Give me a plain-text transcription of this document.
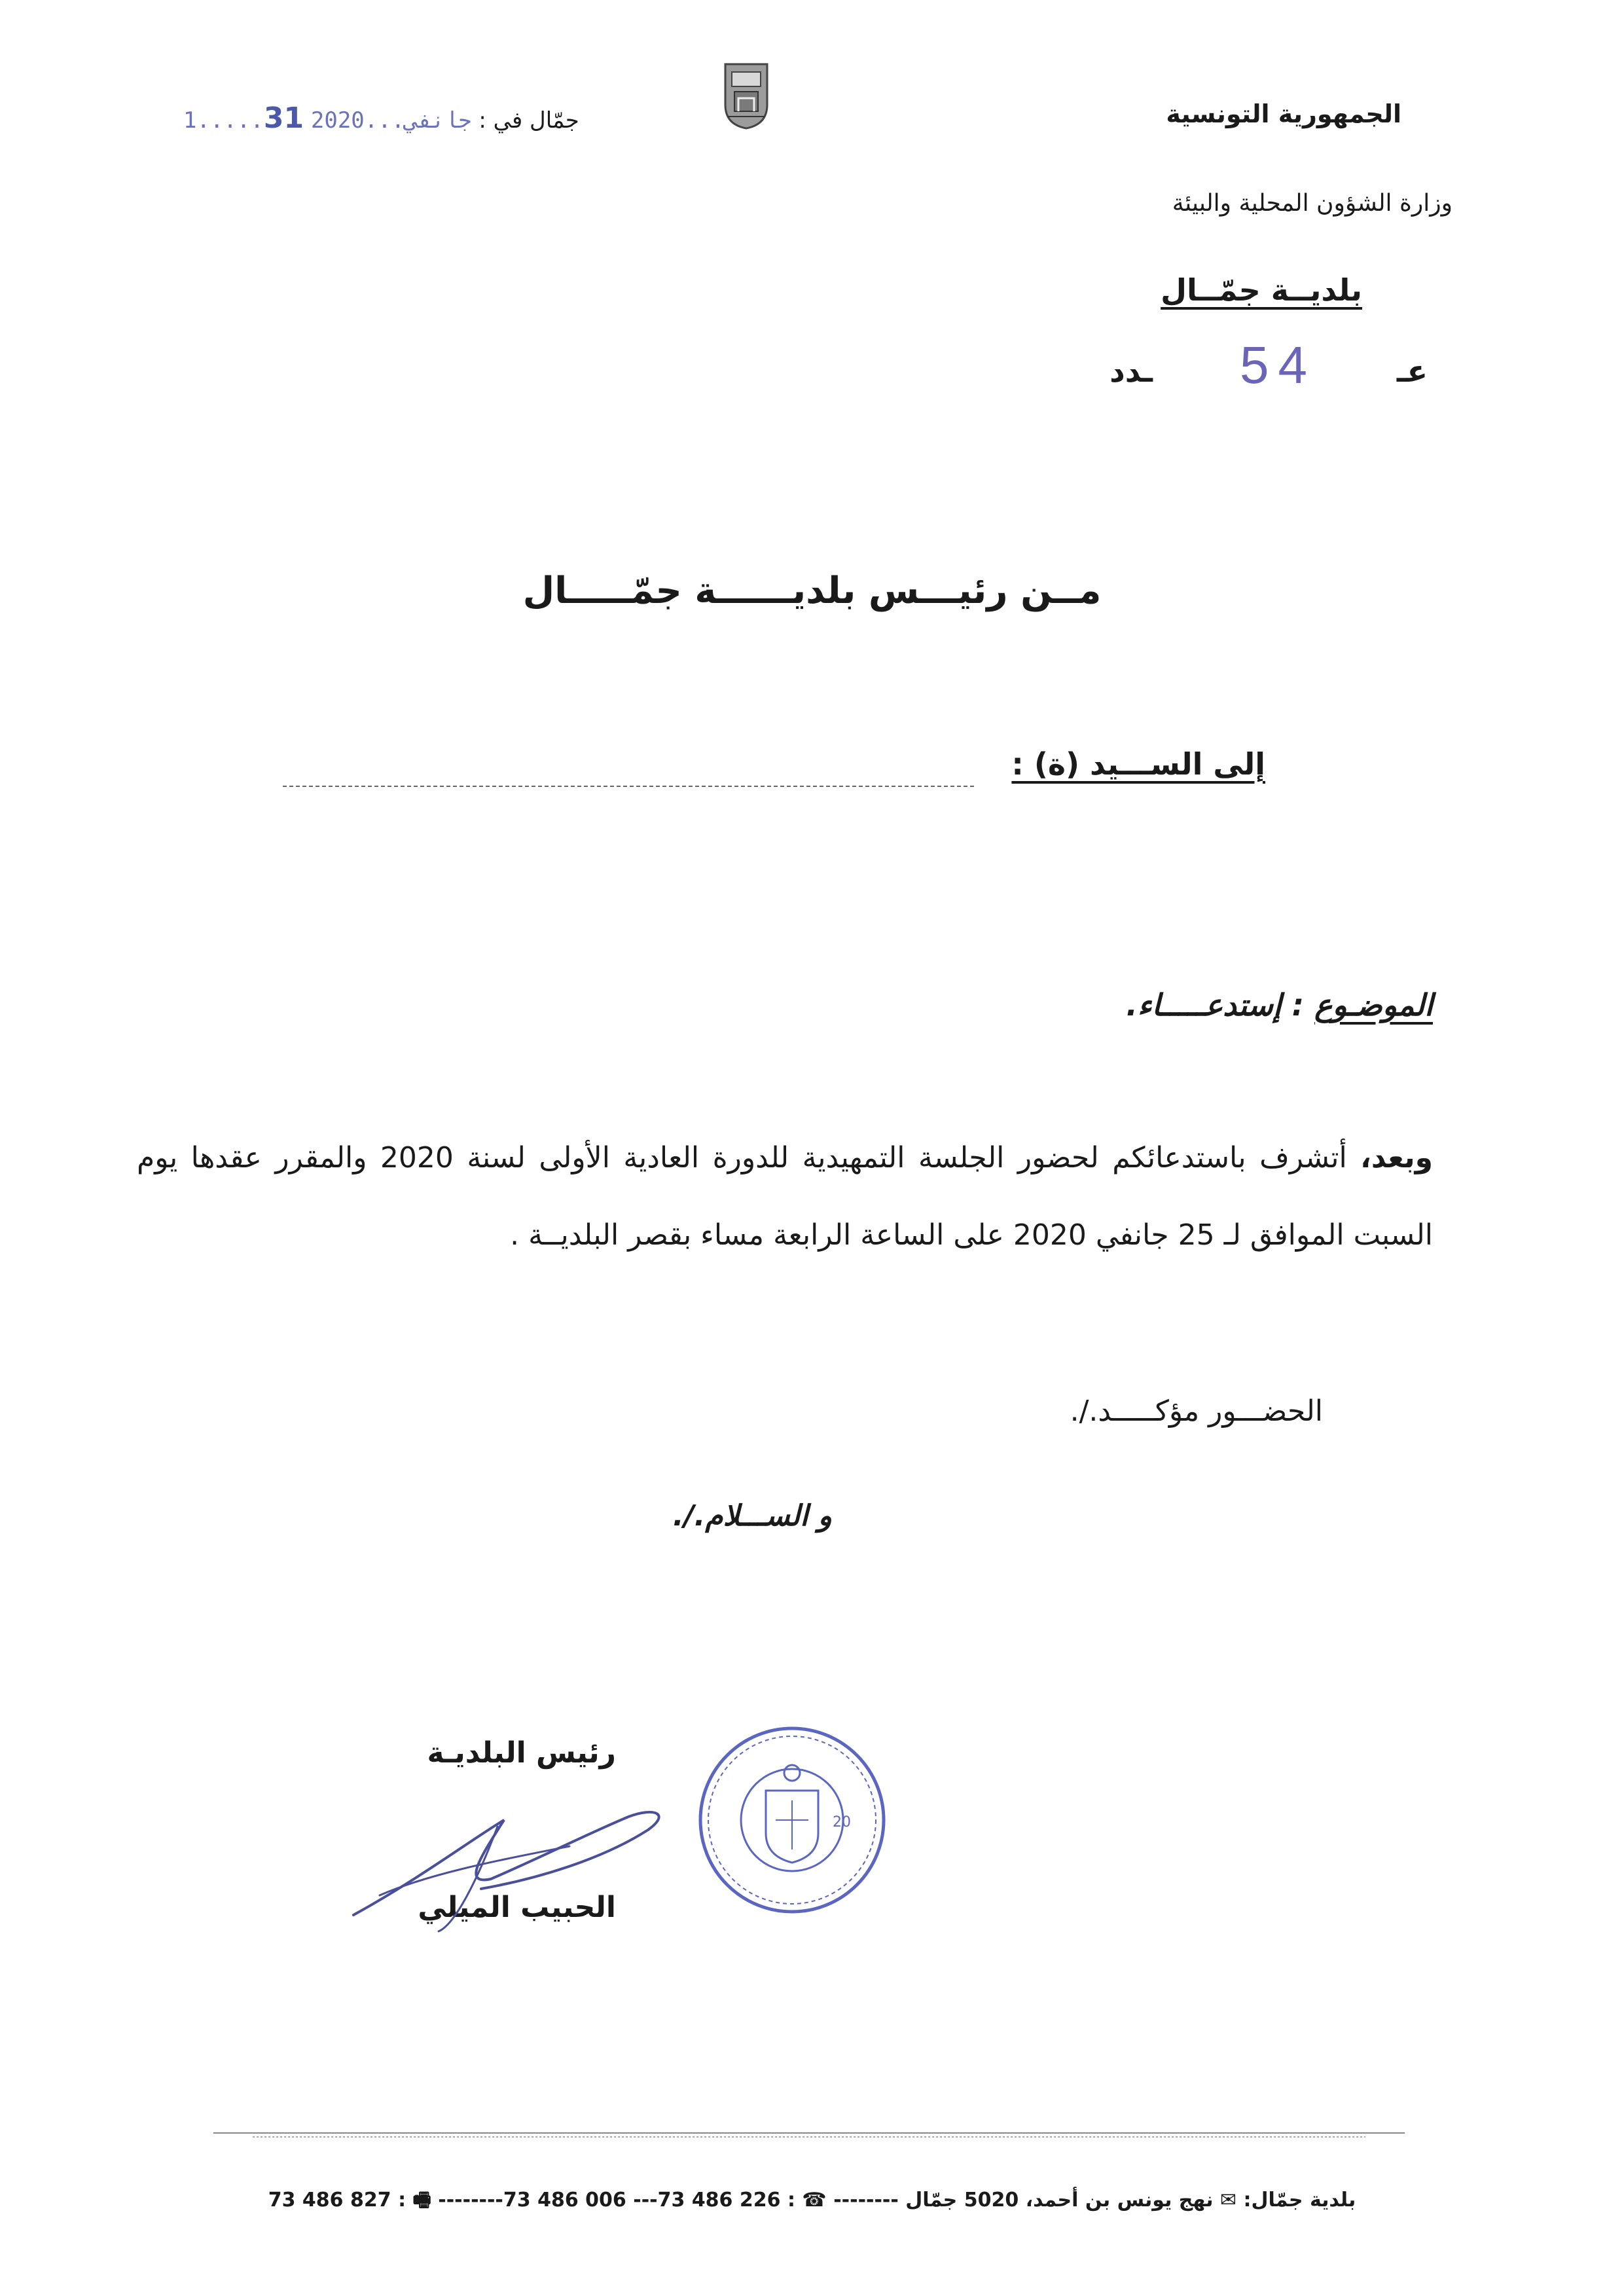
الجمهورية التونسية
وزارة الشؤون المحلية والبيئة
بلديــة جمّــال
عـ
54
ـدد
1.....جانفي...2020 31	جمّال في :
مــن رئيـــس بلديــــــة جمّـــــال
إلى الســـيد (ة) :
الموضـوع : إستدعـــــاء.
وبعد، أتشرف باستدعائكم لحضور الجلسة التمهيدية للدورة العادية الأولى لسنة 2020 والمقرر عقدها يوم السبت الموافق لـ 25 جانفي 2020 على الساعة الرابعة مساء بقصر البلديــة .
الحضـــور مؤكـــــد./.
و الســـلام./.
رئيس البلديـة
الحبيب الميلي
20
بلدية جمّال: ✉ نهج يونس بن أحمد، 5020 جمّال -------- ☎ : 226 486 73--- 006 486 73-------- 🖷 : 827 486 73
